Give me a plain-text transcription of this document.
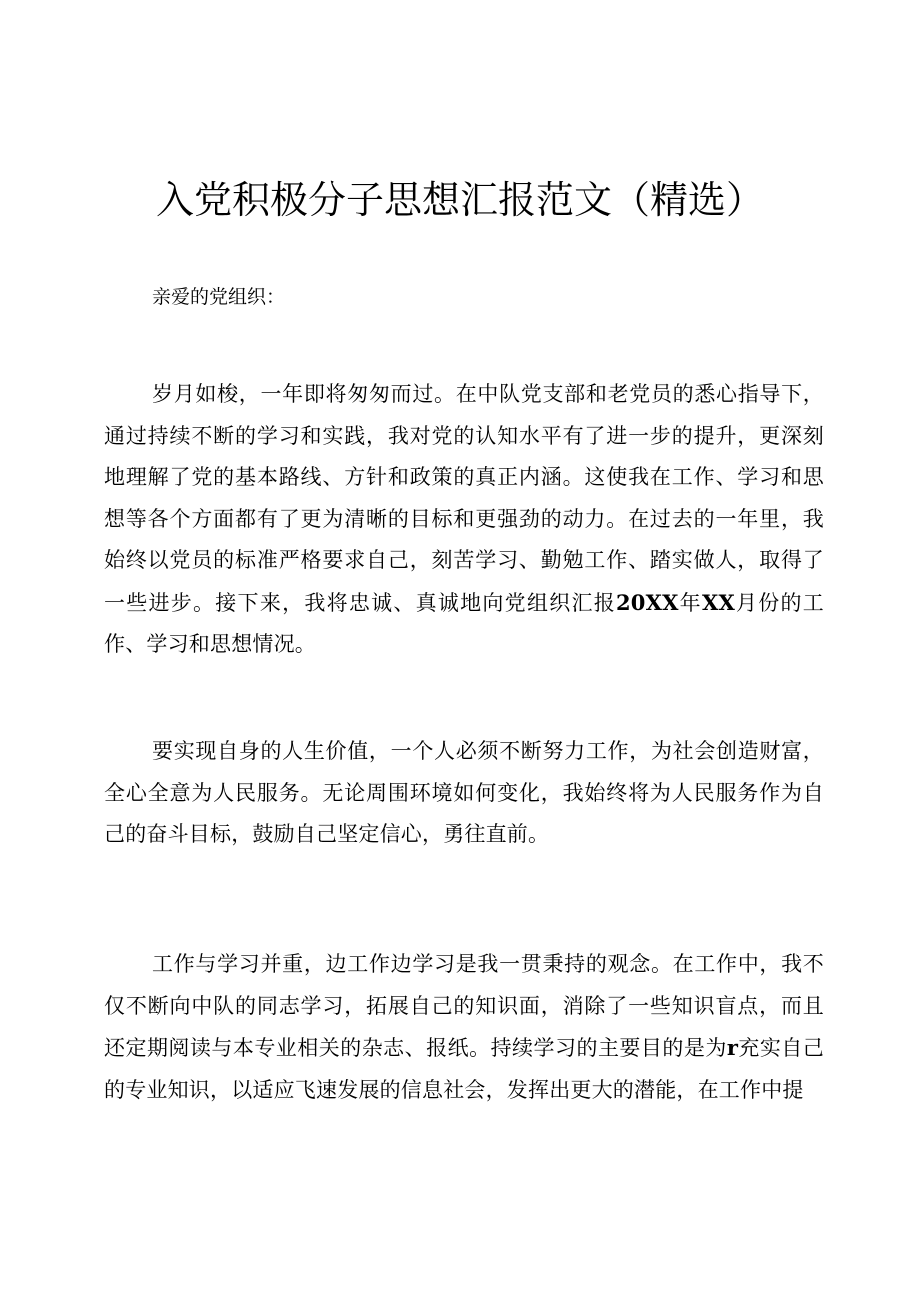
入党积极分子思想汇报范文（精选）

亲爱的党组织：

岁月如梭，一年即将匆匆而过。在中队党支部和老党员的悉心指导下，通过持续不断的学习和实践，我对党的认知水平有了进一步的提升，更深刻地理解了党的基本路线、方针和政策的真正内涵。这使我在工作、学习和思想等各个方面都有了更为清晰的目标和更强劲的动力。在过去的一年里，我始终以党员的标准严格要求自己，刻苦学习、勤勉工作、踏实做人，取得了一些进步。接下来，我将忠诚、真诚地向党组织汇报20XX年XX月份的工作、学习和思想情况。

要实现自身的人生价值，一个人必须不断努力工作，为社会创造财富，全心全意为人民服务。无论周围环境如何变化，我始终将为人民服务作为自己的奋斗目标，鼓励自己坚定信心，勇往直前。

工作与学习并重，边工作边学习是我一贯秉持的观念。在工作中，我不仅不断向中队的同志学习，拓展自己的知识面，消除了一些知识盲点，而且还定期阅读与本专业相关的杂志、报纸。持续学习的主要目的是为r充实自己的专业知识，以适应飞速发展的信息社会，发挥出更大的潜能，在工作中提
